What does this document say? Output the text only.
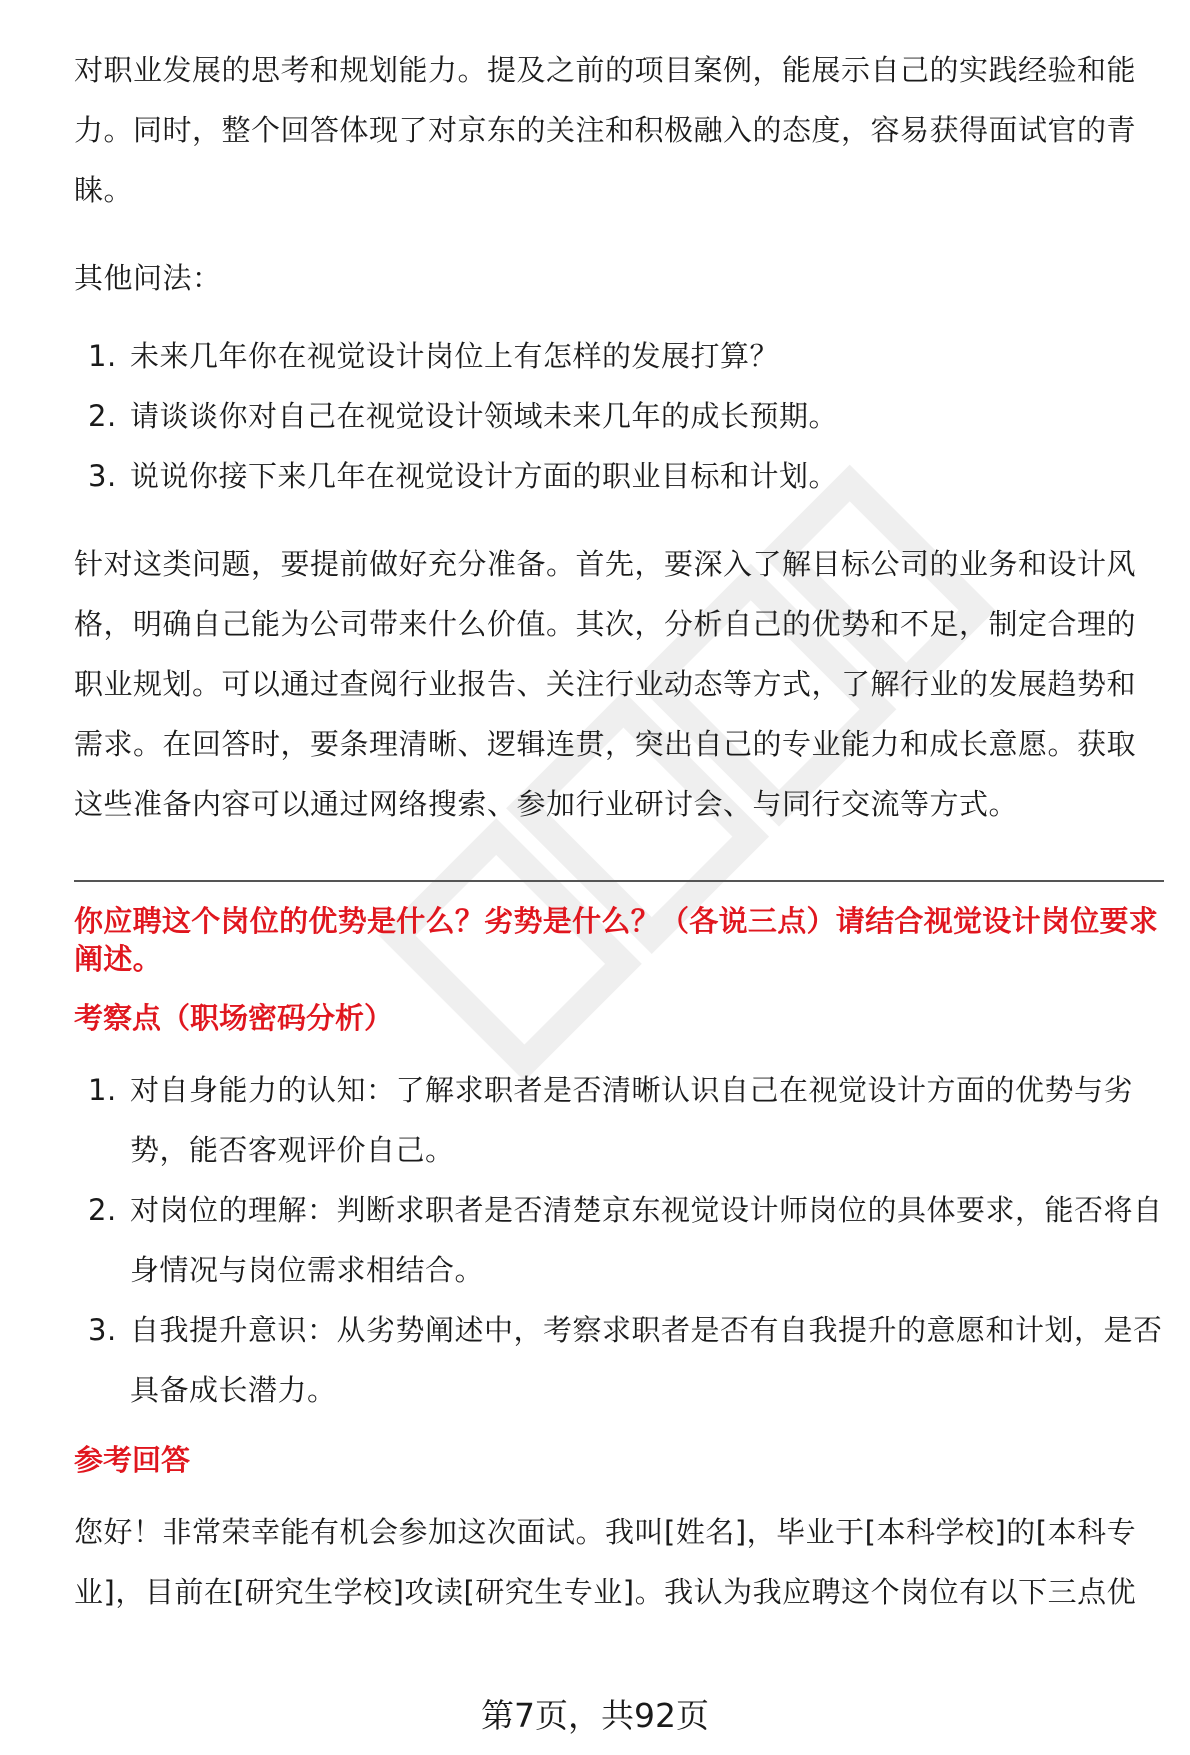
对职业发展的思考和规划能力。提及之前的项目案例，能展示自己的实践经验和能力。同时，整个回答体现了对京东的关注和积极融入的态度，容易获得面试官的青睐。

其他问法：

1. 未来几年你在视觉设计岗位上有怎样的发展打算？
2. 请谈谈你对自己在视觉设计领域未来几年的成长预期。
3. 说说你接下来几年在视觉设计方面的职业目标和计划。

针对这类问题，要提前做好充分准备。首先，要深入了解目标公司的业务和设计风格，明确自己能为公司带来什么价值。其次，分析自己的优势和不足，制定合理的职业规划。可以通过查阅行业报告、关注行业动态等方式，了解行业的发展趋势和需求。在回答时，要条理清晰、逻辑连贯，突出自己的专业能力和成长意愿。获取这些准备内容可以通过网络搜索、参加行业研讨会、与同行交流等方式。

你应聘这个岗位的优势是什么？劣势是什么？（各说三点）请结合视觉设计岗位要求阐述。

考察点（职场密码分析）

1. 对自身能力的认知：了解求职者是否清晰认识自己在视觉设计方面的优势与劣势，能否客观评价自己。
2. 对岗位的理解：判断求职者是否清楚京东视觉设计师岗位的具体要求，能否将自身情况与岗位需求相结合。
3. 自我提升意识：从劣势阐述中，考察求职者是否有自我提升的意愿和计划，是否具备成长潜力。

参考回答

您好！非常荣幸能有机会参加这次面试。我叫[姓名]，毕业于[本科学校]的[本科专业]，目前在[研究生学校]攻读[研究生专业]。我认为我应聘这个岗位有以下三点优

第7页，共92页
